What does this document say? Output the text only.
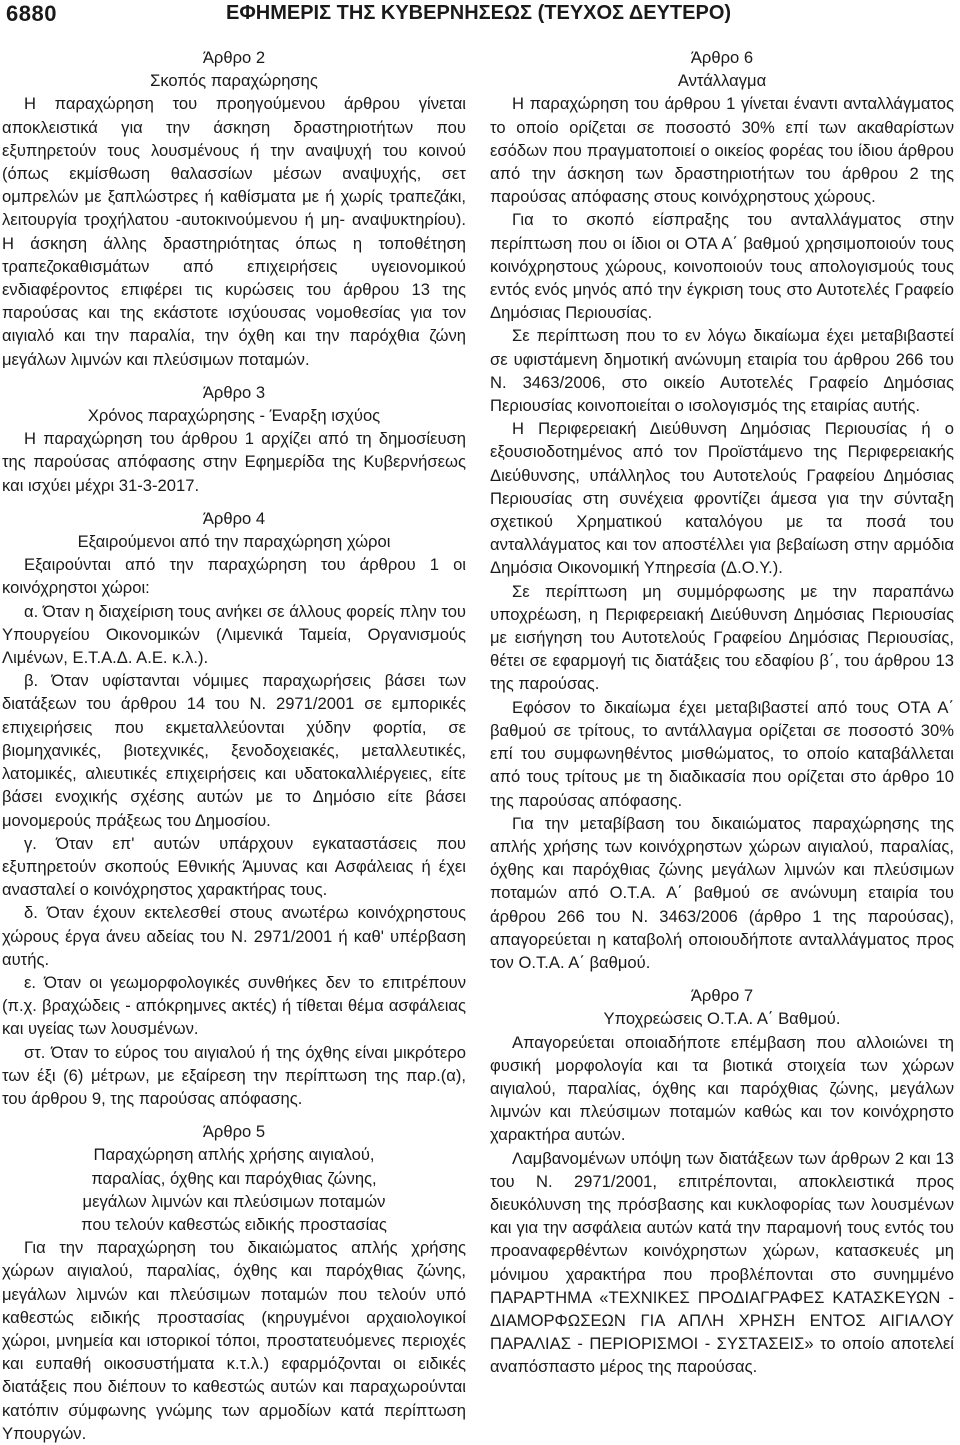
6880	ΕΦΗΜΕΡΙΣ ΤΗΣ ΚΥΒΕΡΝΗΣΕΩΣ (ΤΕΥΧΟΣ ΔΕΥΤΕΡΟ)
Άρθρο 2
Σκοπός παραχώρησης

Η παραχώρηση του προηγούμενου άρθρου γίνεται αποκλειστικά για την άσκηση δραστηριοτήτων που εξυπηρετούν τους λουσμένους ή την αναψυχή του κοινού (όπως εκμίσθωση θαλασσίων μέσων αναψυχής, σετ ομπρελών με ξαπλώστρες ή καθίσματα με ή χωρίς τραπεζάκι, λειτουργία τροχήλατου -αυτοκινούμενου ή μη- αναψυκτηρίου). Η άσκηση άλλης δραστηριότητας όπως η τοποθέτηση τραπεζοκαθισμάτων από επιχειρήσεις υγειονομικού ενδιαφέροντος επιφέρει τις κυρώσεις του άρθρου 13 της παρούσας και της εκάστοτε ισχύουσας νομοθεσίας για τον αιγιαλό και την παραλία, την όχθη και την παρόχθια ζώνη μεγάλων λιμνών και πλεύσιμων ποταμών.

Άρθρο 3
Χρόνος παραχώρησης - Έναρξη ισχύος

Η παραχώρηση του άρθρου 1 αρχίζει από τη δημοσίευση της παρούσας απόφασης στην Εφημερίδα της Κυβερνήσεως και ισχύει μέχρι 31-3-2017.

Άρθρο 4
Εξαιρούμενοι από την παραχώρηση χώροι

Εξαιρούνται από την παραχώρηση του άρθρου 1 οι κοινόχρηστοι χώροι:

α. Όταν η διαχείριση τους ανήκει σε άλλους φορείς πλην του Υπουργείου Οικονομικών (Λιμενικά Ταμεία, Οργανισμούς Λιμένων, Ε.Τ.Α.Δ. Α.Ε. κ.λ.).

β. Όταν υφίστανται νόμιμες παραχωρήσεις βάσει των διατάξεων του άρθρου 14 του Ν. 2971/2001 σε εμπορικές επιχειρήσεις που εκμεταλλεύονται χύδην φορτία, σε βιομηχανικές, βιοτεχνικές, ξενοδοχειακές, μεταλλευτικές, λατομικές, αλιευτικές επιχειρήσεις και υδατοκαλλιέργειες, είτε βάσει ενοχικής σχέσης αυτών με το Δημόσιο είτε βάσει μονομερούς πράξεως του Δημοσίου.

γ. Όταν επ' αυτών υπάρχουν εγκαταστάσεις που εξυπηρετούν σκοπούς Εθνικής Άμυνας και Ασφάλειας ή έχει ανασταλεί ο κοινόχρηστος χαρακτήρας τους.

δ. Όταν έχουν εκτελεσθεί στους ανωτέρω κοινόχρηστους χώρους έργα άνευ αδείας του Ν. 2971/2001 ή καθ' υπέρβαση αυτής.

ε. Όταν οι γεωμορφολογικές συνθήκες δεν το επιτρέπουν (π.χ. βραχώδεις - απόκρημνες ακτές) ή τίθεται θέμα ασφάλειας και υγείας των λουσμένων.

στ. Όταν το εύρος του αιγιαλού ή της όχθης είναι μικρότερο των έξι (6) μέτρων, με εξαίρεση την περίπτωση της παρ.(α), του άρθρου 9, της παρούσας απόφασης.

Άρθρο 5
Παραχώρηση απλής χρήσης αιγιαλού,
παραλίας, όχθης και παρόχθιας ζώνης,
μεγάλων λιμνών και πλεύσιμων ποταμών
που τελούν καθεστώς ειδικής προστασίας

Για την παραχώρηση του δικαιώματος απλής χρήσης χώρων αιγιαλού, παραλίας, όχθης και παρόχθιας ζώνης, μεγάλων λιμνών και πλεύσιμων ποταμών που τελούν υπό καθεστώς ειδικής προστασίας (κηρυγμένοι αρχαιολογικοί χώροι, μνημεία και ιστορικοί τόποι, προστατευόμενες περιοχές και ευπαθή οικοσυστήματα κ.τ.λ.) εφαρμόζονται οι ειδικές διατάξεις που διέπουν το καθεστώς αυτών και παραχωρούνται κατόπιν σύμφωνης γνώμης των αρμοδίων κατά περίπτωση Υπουργών.

Άρθρο 6
Αντάλλαγμα

Η παραχώρηση του άρθρου 1 γίνεται έναντι ανταλλάγματος το οποίο ορίζεται σε ποσοστό 30% επί των ακαθαρίστων εσόδων που πραγματοποιεί ο οικείος φορέας του ίδιου άρθρου από την άσκηση των δραστηριοτήτων του άρθρου 2 της παρούσας απόφασης στους κοινόχρηστους χώρους.

Για το σκοπό είσπραξης του ανταλλάγματος στην περίπτωση που οι ίδιοι οι ΟΤΑ Α΄ βαθμού χρησιμοποιούν τους κοινόχρηστους χώρους, κοινοποιούν τους απολογισμούς τους εντός ενός μηνός από την έγκριση τους στο Αυτοτελές Γραφείο Δημόσιας Περιουσίας.

Σε περίπτωση που το εν λόγω δικαίωμα έχει μεταβιβαστεί σε υφιστάμενη δημοτική ανώνυμη εταιρία του άρθρου 266 του Ν. 3463/2006, στο οικείο Αυτοτελές Γραφείο Δημόσιας Περιουσίας κοινοποιείται ο ισολογισμός της εταιρίας αυτής.

Η Περιφερειακή Διεύθυνση Δημόσιας Περιουσίας ή ο εξουσιοδοτημένος από τον Προϊστάμενο της Περιφερειακής Διεύθυνσης, υπάλληλος του Αυτοτελούς Γραφείου Δημόσιας Περιουσίας στη συνέχεια φροντίζει άμεσα για την σύνταξη σχετικού Χρηματικού καταλόγου με τα ποσά του ανταλλάγματος και τον αποστέλλει για βεβαίωση στην αρμόδια Δημόσια Οικονομική Υπηρεσία (Δ.Ο.Υ.).

Σε περίπτωση μη συμμόρφωσης με την παραπάνω υποχρέωση, η Περιφερειακή Διεύθυνση Δημόσιας Περιουσίας με εισήγηση του Αυτοτελούς Γραφείου Δημόσιας Περιουσίας, θέτει σε εφαρμογή τις διατάξεις του εδαφίου β΄, του άρθρου 13 της παρούσας.

Εφόσον το δικαίωμα έχει μεταβιβαστεί από τους ΟΤΑ Α΄ βαθμού σε τρίτους, το αντάλλαγμα ορίζεται σε ποσοστό 30% επί του συμφωνηθέντος μισθώματος, το οποίο καταβάλλεται από τους τρίτους με τη διαδικασία που ορίζεται στο άρθρο 10 της παρούσας απόφασης.

Για την μεταβίβαση του δικαιώματος παραχώρησης της απλής χρήσης των κοινόχρηστων χώρων αιγιαλού, παραλίας, όχθης και παρόχθιας ζώνης μεγάλων λιμνών και πλεύσιμων ποταμών από Ο.Τ.Α. Α΄ βαθμού σε ανώνυμη εταιρία του άρθρου 266 του Ν. 3463/2006 (άρθρο 1 της παρούσας), απαγορεύεται η καταβολή οποιουδήποτε ανταλλάγματος προς τον Ο.Τ.Α. Α΄ βαθμού.

Άρθρο 7
Υποχρεώσεις Ο.Τ.Α. Α΄ Βαθμού.

Απαγορεύεται οποιαδήποτε επέμβαση που αλλοιώνει τη φυσική μορφολογία και τα βιοτικά στοιχεία των χώρων αιγιαλού, παραλίας, όχθης και παρόχθιας ζώνης, μεγάλων λιμνών και πλεύσιμων ποταμών καθώς και τον κοινόχρηστο χαρακτήρα αυτών.

Λαμβανομένων υπόψη των διατάξεων των άρθρων 2 και 13 του Ν. 2971/2001, επιτρέπονται, αποκλειστικά προς διευκόλυνση της πρόσβασης και κυκλοφορίας των λουσμένων και για την ασφάλεια αυτών κατά την παραμονή τους εντός του προαναφερθέντων κοινόχρηστων χώρων, κατασκευές μη μόνιμου χαρακτήρα που προβλέπονται στο συνημμένο ΠΑΡΑΡΤΗΜΑ «ΤΕΧΝΙΚΕΣ ΠΡΟΔΙΑΓΡΑΦΕΣ ΚΑΤΑΣΚΕΥΩΝ - ΔΙΑΜΟΡΦΩΣΕΩΝ ΓΙΑ ΑΠΛΗ ΧΡΗΣΗ ΕΝΤΟΣ ΑΙΓΙΑΛΟΥ ΠΑΡΑΛΙΑΣ - ΠΕΡΙΟΡΙΣΜΟΙ - ΣΥΣΤΑΣΕΙΣ» το οποίο αποτελεί αναπόσπαστο μέρος της παρούσας.
